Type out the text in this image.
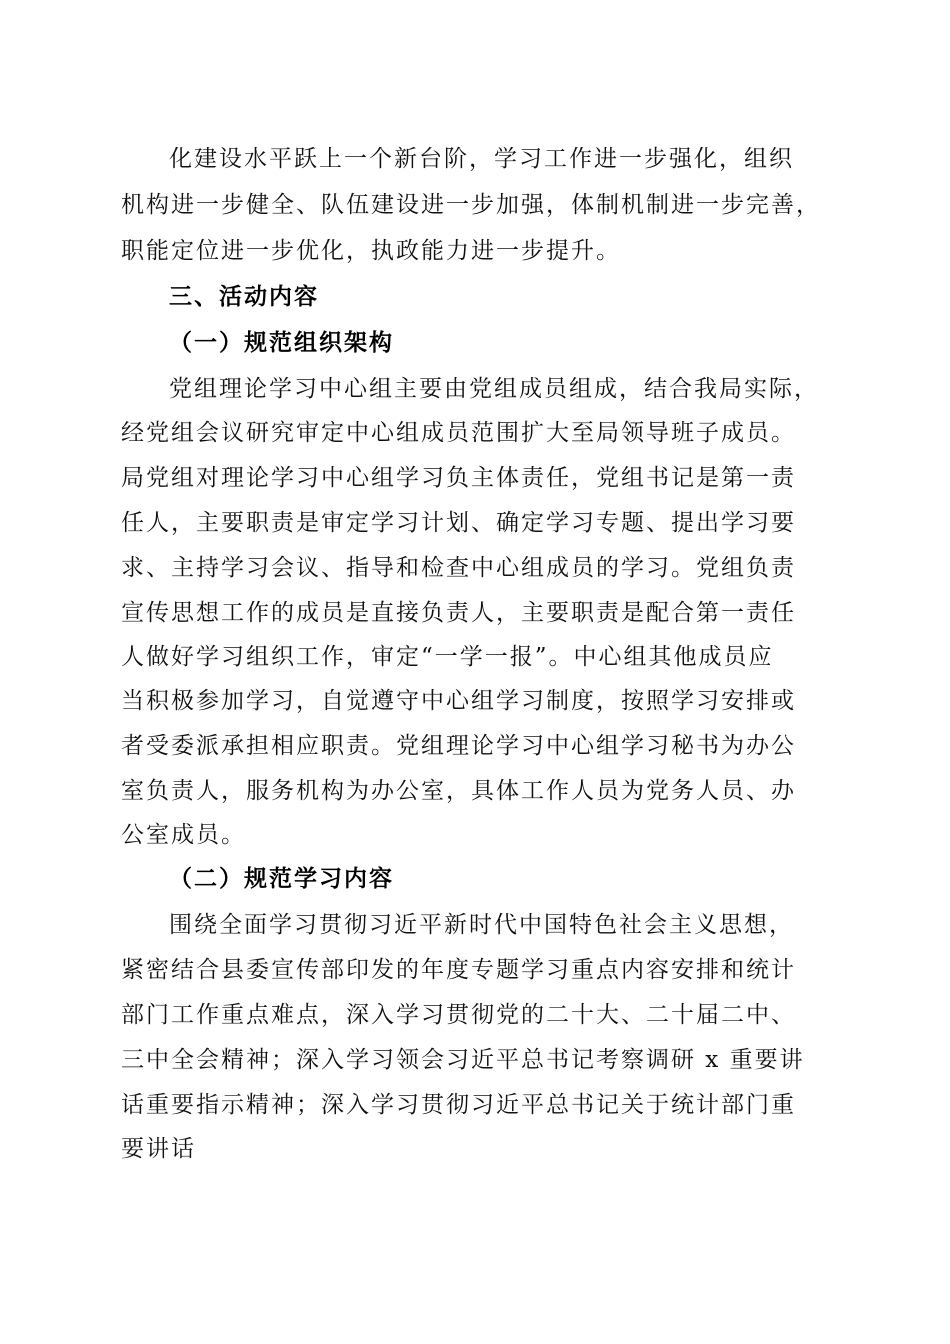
化建设水平跃上一个新台阶，学习工作进一步强化，组织
机构进一步健全、队伍建设进一步加强，体制机制进一步完善，
职能定位进一步优化，执政能力进一步提升。
三、活动内容
（一）规范组织架构
党组理论学习中心组主要由党组成员组成，结合我局实际，
经党组会议研究审定中心组成员范围扩大至局领导班子成员。
局党组对理论学习中心组学习负主体责任，党组书记是第一责
任人，主要职责是审定学习计划、确定学习专题、提出学习要
求、主持学习会议、指导和检查中心组成员的学习。党组负责
宣传思想工作的成员是直接负责人，主要职责是配合第一责任
人做好学习组织工作，审定“一学一报”。中心组其他成员应
当积极参加学习，自觉遵守中心组学习制度，按照学习安排或
者受委派承担相应职责。党组理论学习中心组学习秘书为办公
室负责人，服务机构为办公室，具体工作人员为党务人员、办
公室成员。
（二）规范学习内容
围绕全面学习贯彻习近平新时代中国特色社会主义思想，
紧密结合县委宣传部印发的年度专题学习重点内容安排和统计
部门工作重点难点，深入学习贯彻党的二十大、二十届二中、
三中全会精神；深入学习领会习近平总书记考察调研 x 重要讲
话重要指示精神；深入学习贯彻习近平总书记关于统计部门重
要讲话
